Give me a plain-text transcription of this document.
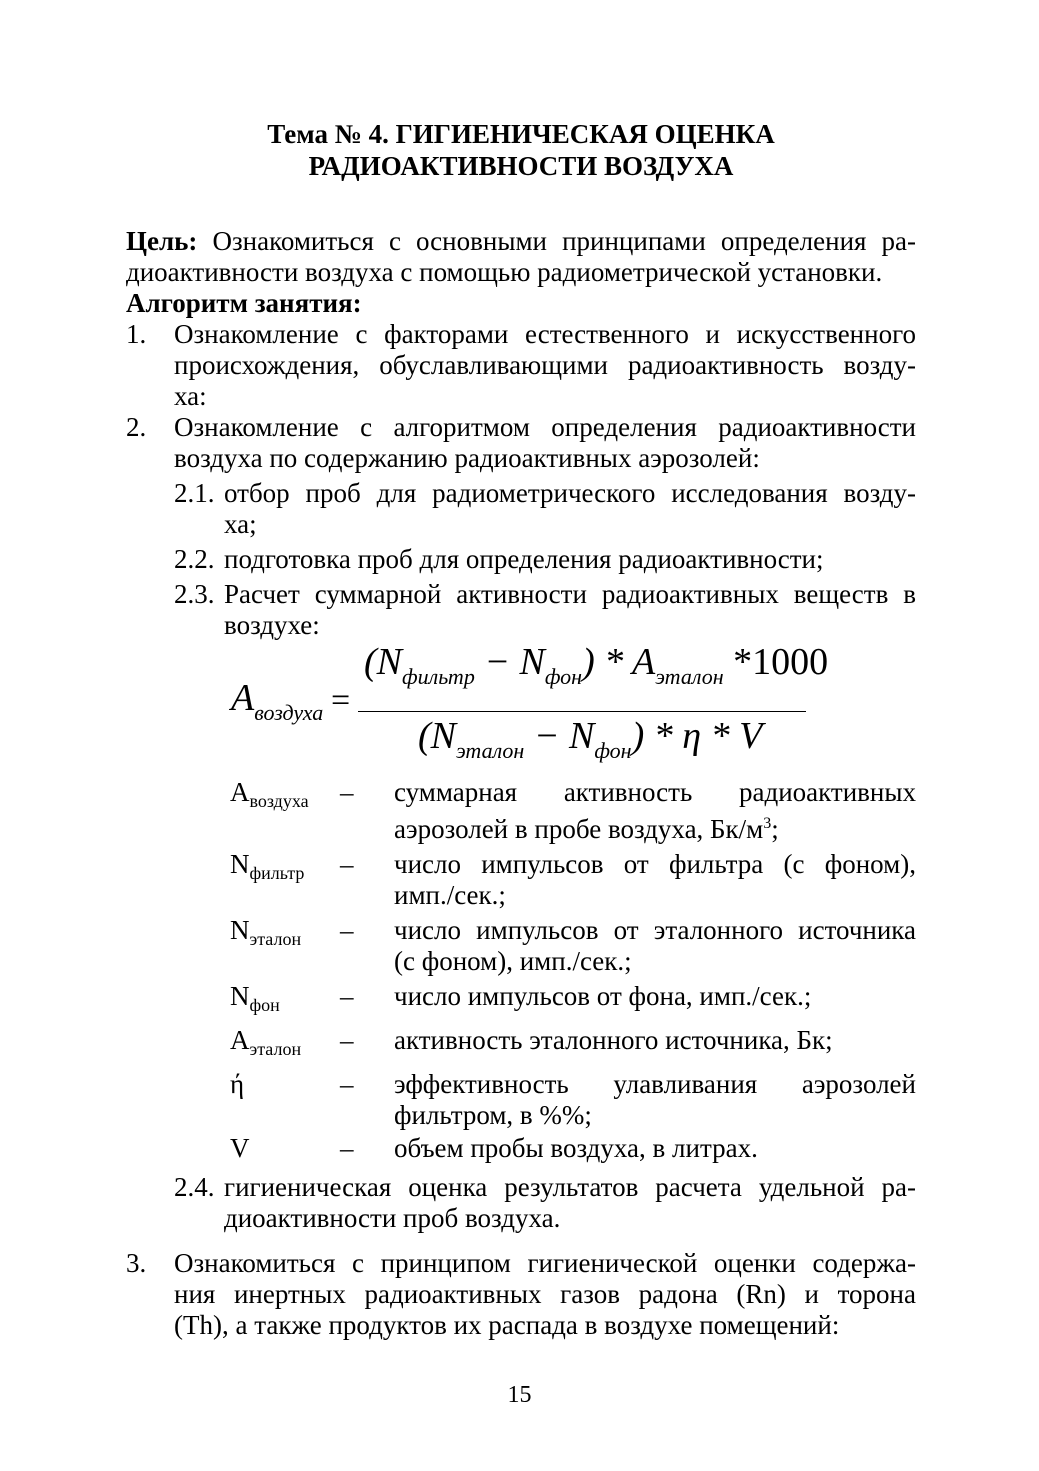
Тема № 4. ГИГИЕНИЧЕСКАЯ ОЦЕНКА
РАДИОАКТИВНОСТИ ВОЗДУХА

Цель: Ознакомиться с основными принципами определения ра-

диоактивности воздуха с помощью радиометрической установки.

Алгоритм занятия:

1.	Ознакомление с факторами естественного и искусственного
происхождения, обуславливающими радиоактивность возду-
ха:
2.	Ознакомление с алгоритмом определения радиоактивности
воздуха по содержанию радиоактивных аэрозолей:
2.1. отбор проб для радиометрического исследования возду-
ха;
2.2. подготовка проб для определения радиоактивности;
2.3. Расчет суммарной активности радиоактивных веществ в
воздухе:
$A_{воздуха}$ =
$(N_{фильтр} - N_{фон}) * A_{эталон}$ *1000
$(N_{эталон} - N_{фон}) * \eta * V$
$A_{воздуха}$	–	суммарная активность радиоактивных
аэрозолей в пробе воздуха, $Бк/м^3$;
$N_{фильтр}$	–	число импульсов от фильтра (с фоном),
имп./сек.;
$N_{эталон}$	–	число импульсов от эталонного источника
(с фоном), имп./сек.;
$N_{фон}$	–	число импульсов от фона, имп./сек.;
$A_{эталон}$	–	активность эталонного источника, Бк;
ή	–	эффективность улавливания аэрозолей
фильтром, в %%;
V	–	объем пробы воздуха, в литрах.
2.4. гигиеническая оценка результатов расчета удельной ра-
диоактивности проб воздуха.
3.	Ознакомиться с принципом гигиенической оценки содержа-
ния инертных радиоактивных газов радона (Rn) и торона
(Th), а также продуктов их распада в воздухе помещений:
15
